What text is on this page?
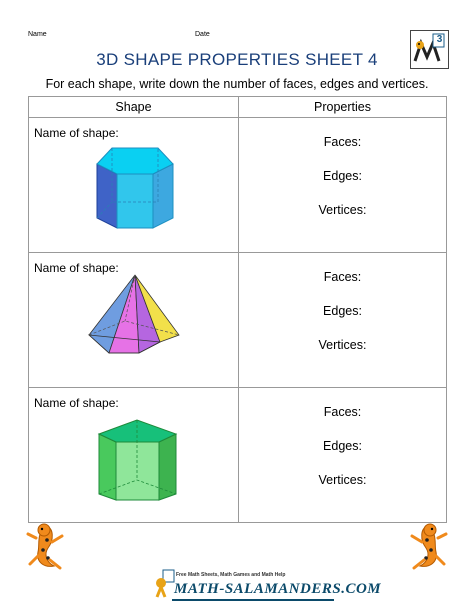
Name	Date	3
3D SHAPE PROPERTIES SHEET 4
For each shape, write down the number of faces, edges and vertices.
Shape	Properties

Name of shape:	Faces:
Edges:
Vertices:

Name of shape:	Faces:
Edges:
Vertices:

Name of shape:	Faces:
Edges:
Vertices:
Free Math Sheets, Math Games and Math Help
MATH-SALAMANDERS.COM
